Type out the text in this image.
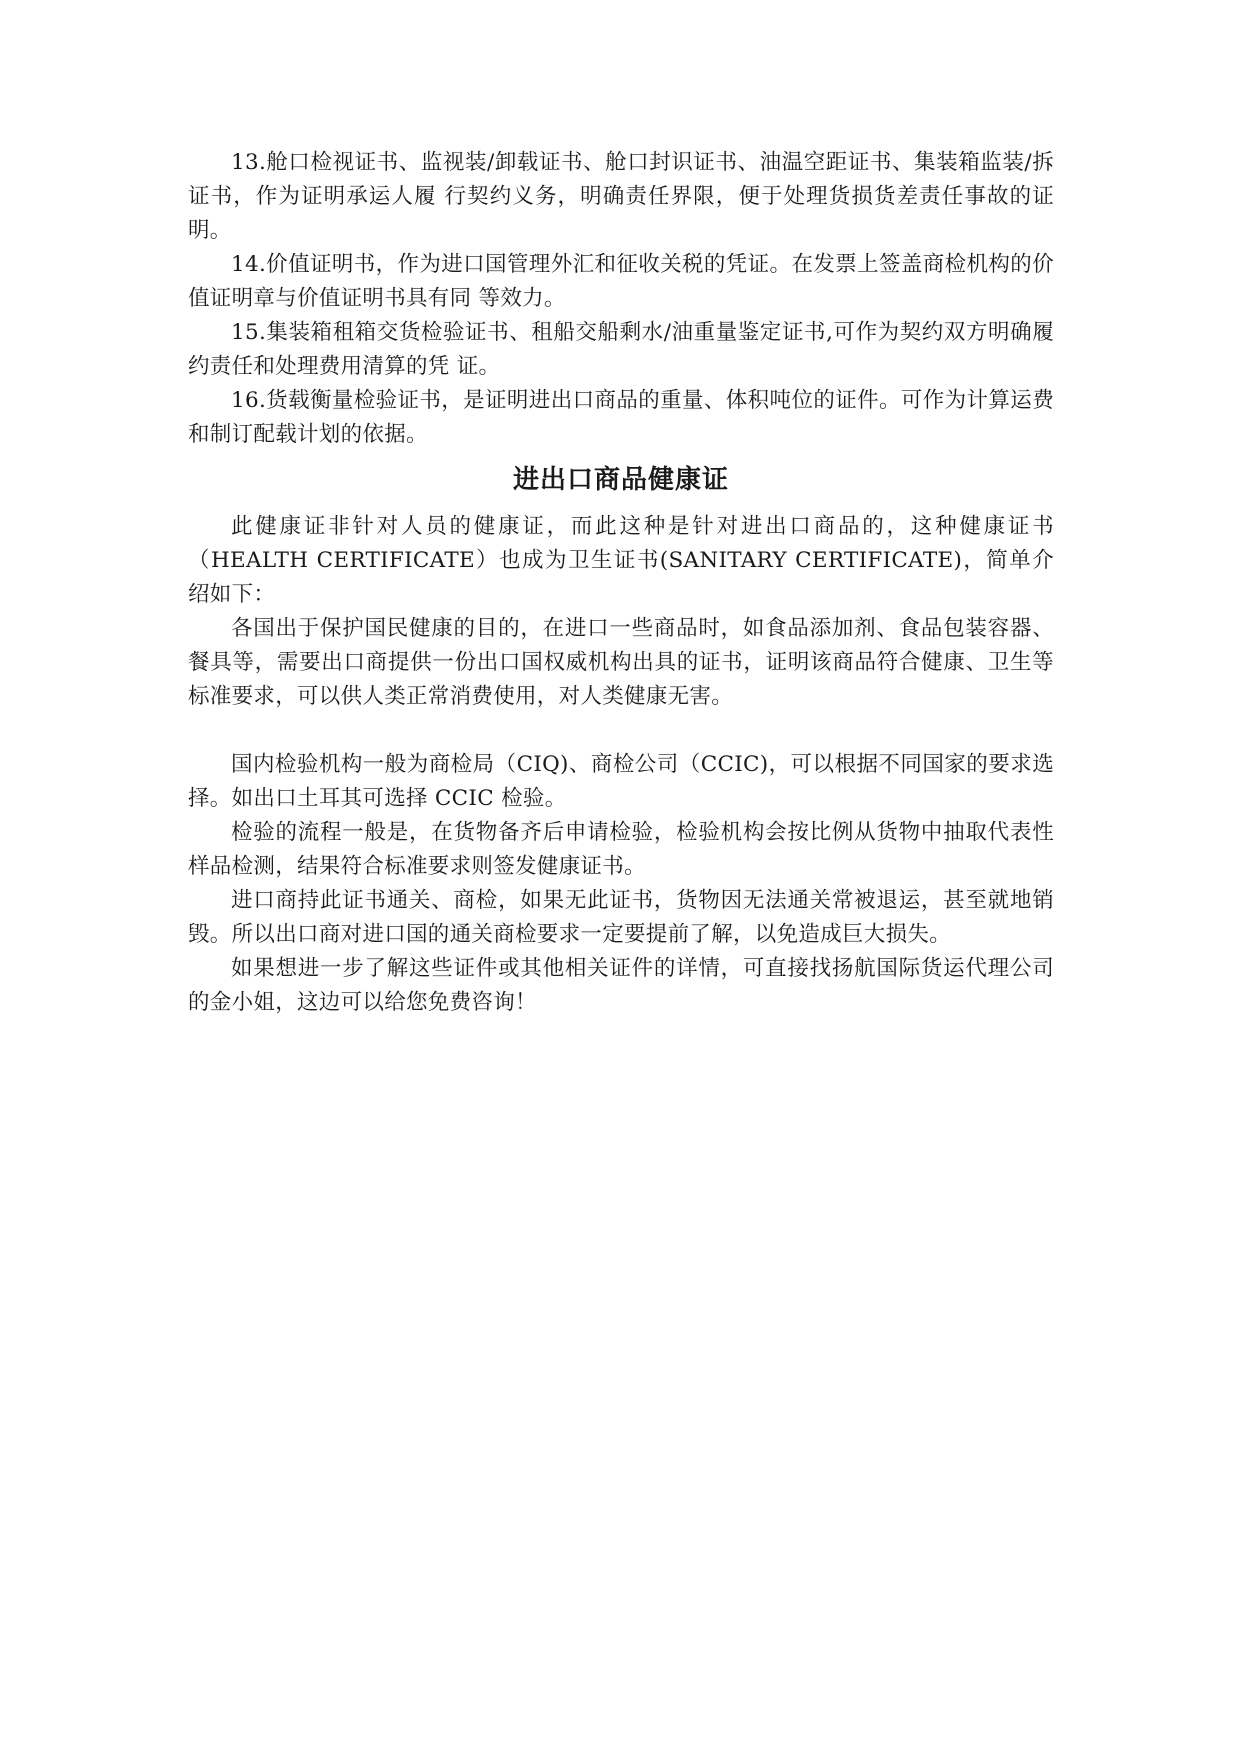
13.舱口检视证书、监视装/卸载证书、舱口封识证书、油温空距证书、集装箱监装/拆证书，作为证明承运人履 行契约义务，明确责任界限，便于处理货损货差责任事故的证明。

14.价值证明书，作为进口国管理外汇和征收关税的凭证。在发票上签盖商检机构的价值证明章与价值证明书具有同 等效力。

15.集装箱租箱交货检验证书、租船交船剩水/油重量鉴定证书,可作为契约双方明确履约责任和处理费用清算的凭 证。

16.货载衡量检验证书，是证明进出口商品的重量、体积吨位的证件。可作为计算运费和制订配载计划的依据。

进出口商品健康证

此健康证非针对人员的健康证，而此这种是针对进出口商品的，这种健康证书（HEALTH CERTIFICATE）也成为卫生证书(SANITARY CERTIFICATE)，简单介绍如下：

各国出于保护国民健康的目的，在进口一些商品时，如食品添加剂、食品包装容器、餐具等，需要出口商提供一份出口国权威机构出具的证书，证明该商品符合健康、卫生等标准要求，可以供人类正常消费使用，对人类健康无害。

国内检验机构一般为商检局（CIQ)、商检公司（CCIC)，可以根据不同国家的要求选择。如出口土耳其可选择 CCIC 检验。

检验的流程一般是，在货物备齐后申请检验，检验机构会按比例从货物中抽取代表性样品检测，结果符合标准要求则签发健康证书。

进口商持此证书通关、商检，如果无此证书，货物因无法通关常被退运，甚至就地销毁。所以出口商对进口国的通关商检要求一定要提前了解，以免造成巨大损失。

如果想进一步了解这些证件或其他相关证件的详情，可直接找扬航国际货运代理公司的金小姐，这边可以给您免费咨询！
